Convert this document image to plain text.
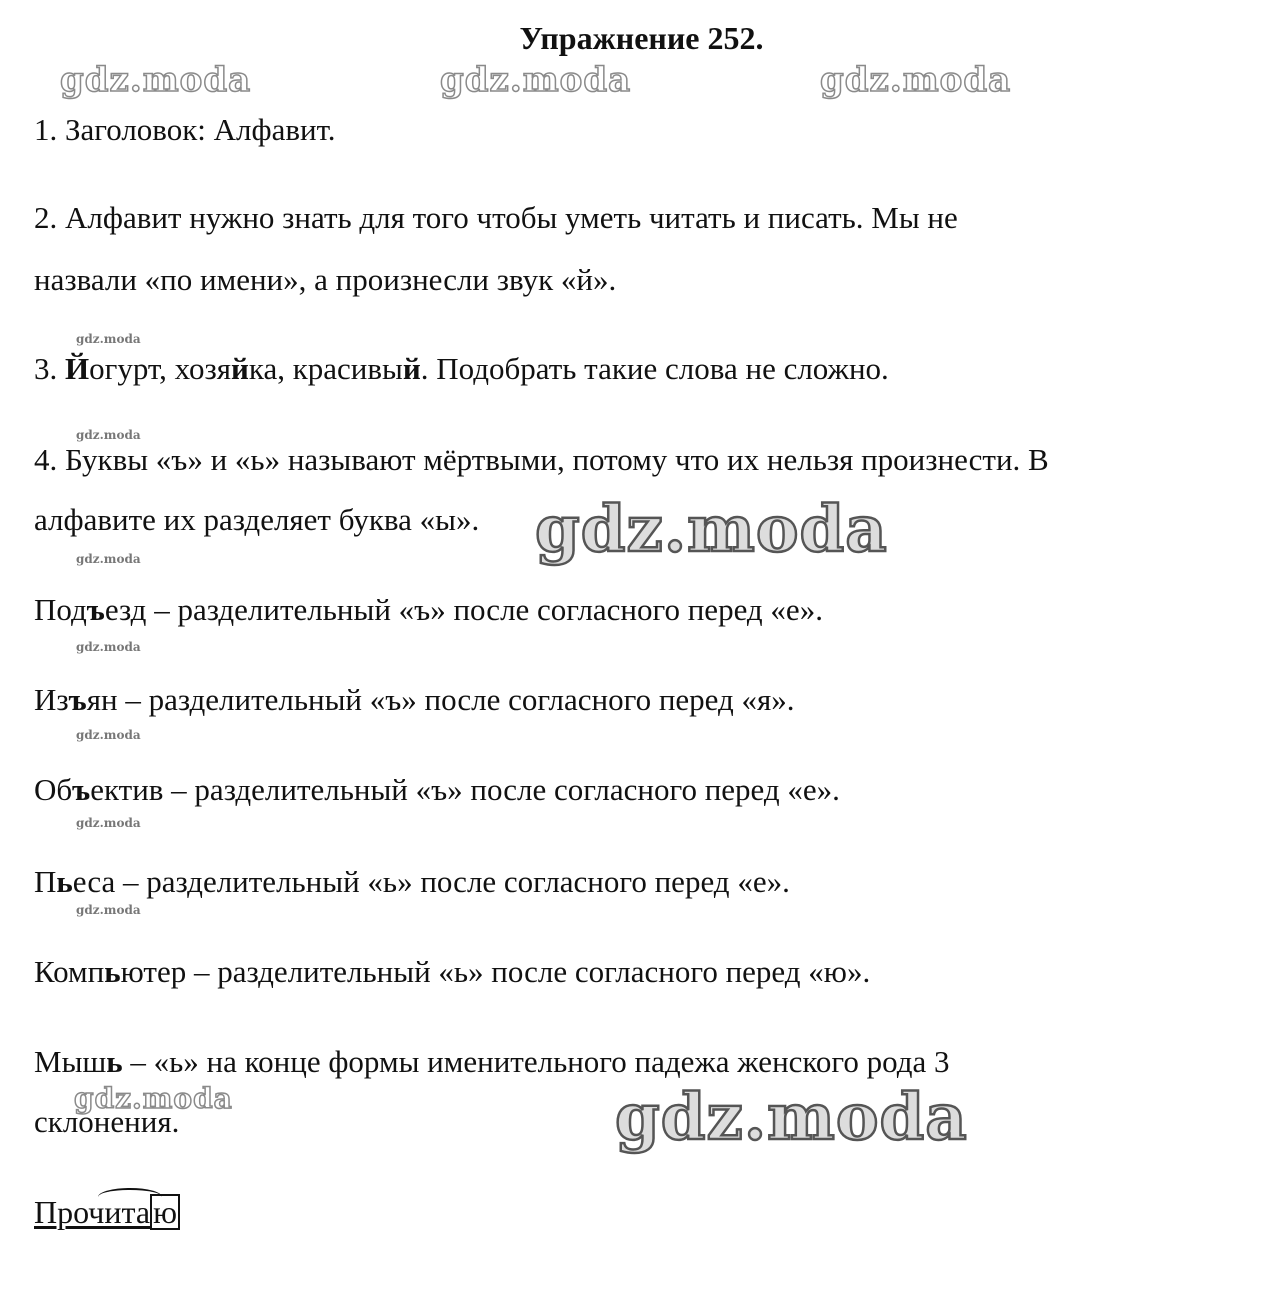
Упражнение 252.
gdz.moda	gdz.moda	gdz.moda
1. Заголовок: Алфавит.
2. Алфавит нужно знать для того чтобы уметь читать и писать. Мы не
назвали «по имени», а произнесли звук «й».
gdz.moda
3. Йогурт, хозяйка, красивый. Подобрать такие слова не сложно.
gdz.moda
4. Буквы «ъ» и «ь» называют мёртвыми, потому что их нельзя произнести. В
алфавите их разделяет буква «ы». gdz.moda
gdz.moda
Подъезд – разделительный «ъ» после согласного перед «е».
gdz.moda
Изъян – разделительный «ъ» после согласного перед «я».
gdz.moda
Объектив – разделительный «ъ» после согласного перед «е».
gdz.moda
Пьеса – разделительный «ь» после согласного перед «е».
gdz.moda
Компьютер – разделительный «ь» после согласного перед «ю».
Мышь – «ь» на конце формы именительного падежа женского рода 3
gdz.moda
склонения.	gdz.moda
Прочитаю
